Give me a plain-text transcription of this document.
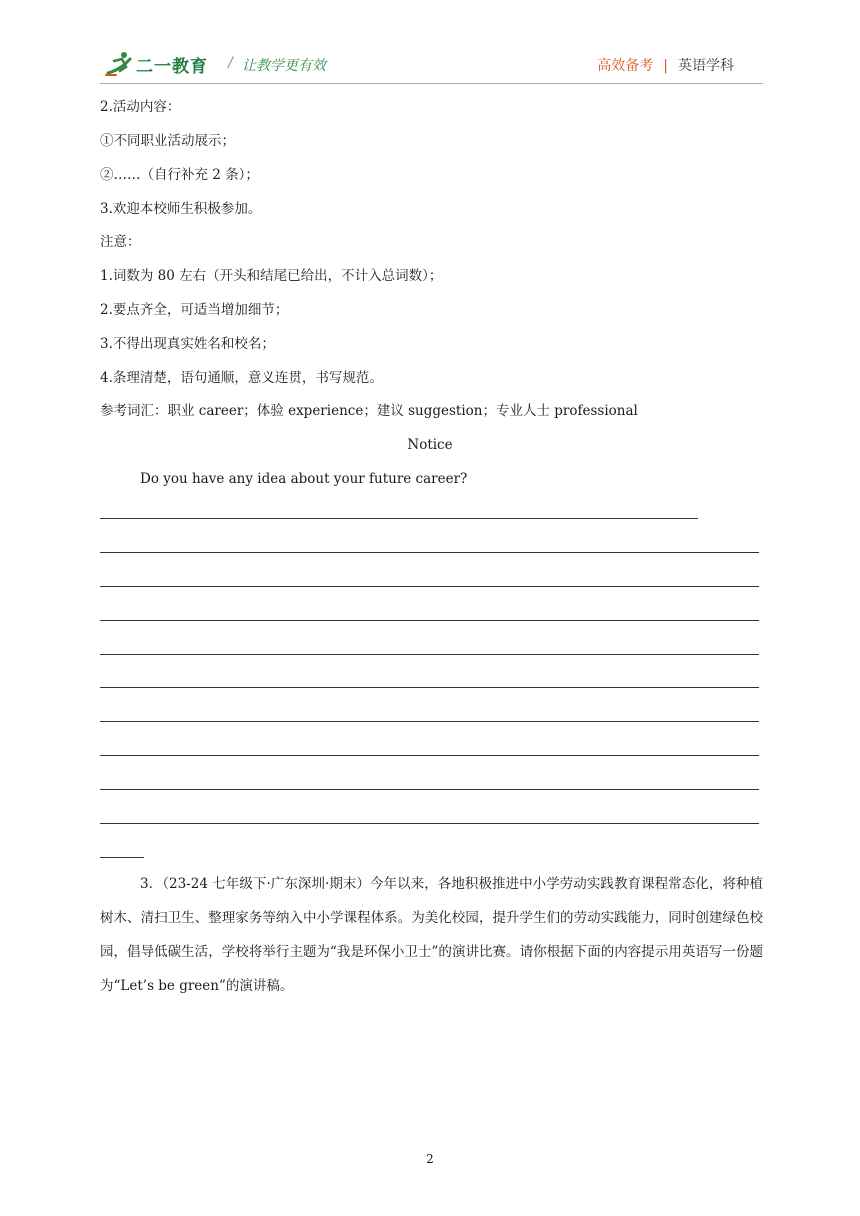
二一教育 / 让教学更有效	高效备考 | 英语学科
2.活动内容：
①不同职业活动展示；
②……（自行补充 2 条）；
3.欢迎本校师生积极参加。
注意：
1.词数为 80 左右（开头和结尾已给出，不计入总词数）；
2.要点齐全，可适当增加细节；
3.不得出现真实姓名和校名；
4.条理清楚，语句通顺，意义连贯，书写规范。
参考词汇：职业 career；体验 experience；建议 suggestion；专业人士 professional
Notice
Do you have any idea about your future career?
3．（23-24 七年级下·广东深圳·期末）今年以来，各地积极推进中小学劳动实践教育课程常态化，将种植树木、清扫卫生、整理家务等纳入中小学课程体系。为美化校园，提升学生们的劳动实践能力，同时创建绿色校园，倡导低碳生活，学校将举行主题为“我是环保小卫士”的演讲比赛。请你根据下面的内容提示用英语写一份题为“Let’s be green”的演讲稿。
2
